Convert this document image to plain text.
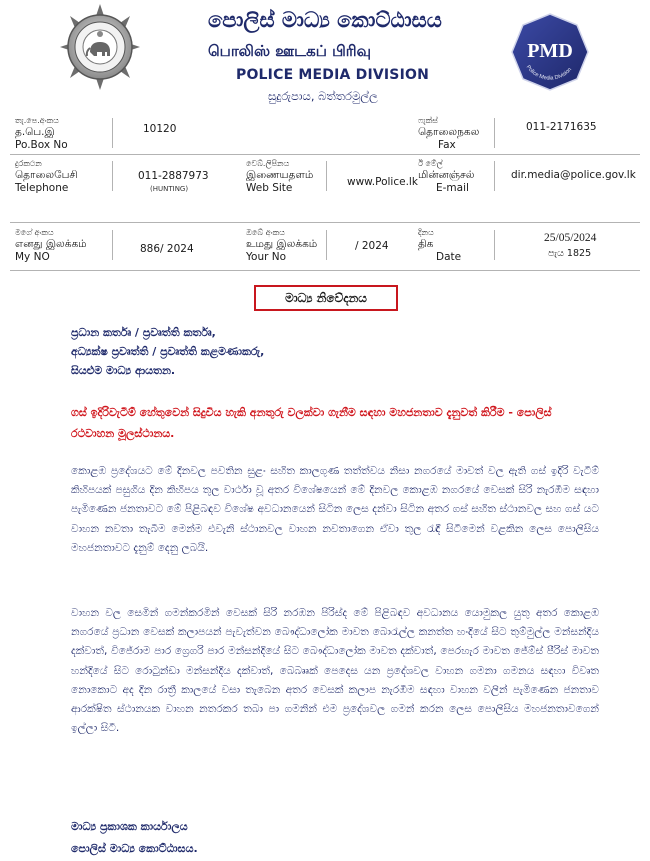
පොලිස් මාධ්‍ය කොට්ඨාසය
பொலிஸ் ஊடகப் பிரிவு
POLICE MEDIA DIVISION
සුදුරුපාය, බත්තරමුල්ල
PMD
Police Media Division
තැ.පෙ.අංකය
த.பெ.இ
Po.Box No
10120
ෆැක්ස්
தொலைநகல
Fax
011-2171635
දුරකථන
தொலைபேசி
Telephone
011-2887973
(HUNTING)
වෙබ්.ලිපිනය
இணையதளம்
Web Site	www.Police.lk
ඊ මේල්
மின்னஞ்சல்
E-mail
dir.media@police.gov.lk
මගේ අංකය
எனது இலக்கம்
My NO
886/ 2024
ඔබේ අංකය
உமது இலக்கம்
Your No
/ 2024
දිනය
திக
Date
25/05/2024
පැය 1825
මාධ්‍ය නිවේදනය
ප්‍රධාන කර්තෘ / ප්‍රවෘත්ති කර්තෘ,
අධ්‍යක්ෂ ප්‍රවෘත්ති / ප්‍රවෘත්ති කළමණාකරු,
සියළුම මාධ්‍ය ආයතන.
ගස් ඉදිරිවැටීම් හේතුවෙන් සිදුවිය හැකි අනතුරු වලක්වා ගැනීම සඳහා මහජනතාව දැනුවත් කිරීම - පොලිස් රථවාහන මූලස්ථානය.
කොළඹ ප්‍රදේශයට මේ දිනවල පවතින සුළං සහිත කාලගුණ තත්ත්වය නිසා නගරයේ මාවත් වල ඇති ගස් ඉදිරි වැටීම් කිහිපයක් පසුගිය දින කිහිපය තුල වාර්ථා වූ අතර විශේෂයෙන් මේ දිනවල කොළඹ නගරයේ වෙසක් සිරි නැරඹීම සඳහා පැමිණෙන ජනතාවට මේ පිළිබඳව විශේෂ අවධානයෙන් සිටින ලෙස දන්වා සිටින අතර ගස් සහිත ස්ථානවල සහ ගස් යට වාහන නවතා තැබීම මෙන්ම එවැනි ස්ථානවල වාහන නවතාගෙන ඒවා තුල රැඳී සිටීමෙන් වළකින ලෙස පොලිසිය මහජනතාවට දැනුම් දෙනු ලබයි.
වාහන වල සෙමින් ගමන්කරමින් වෙසක් සිරි නරඹන පිරිස්ද මේ පිළිබඳව අවධානය යොමුකල යුතු අතර කොළඹ නගරයේ ප්‍රධාන වෙසක් කලාපයන් පැවැත්වන බෞද්ධාලෝක මාවත බොරැල්ල කනත්ත හංදියේ සිට තුම්මුල්ල මන්සන්දිය දක්වාත්, විජේරාම පාර ග්‍රෙගරි පාර මන්සන්දියේ සිට බෞද්ධාලෝක මාවත දක්වාත්, පෙරහැර මාවත ජේම්ස් පීරිස් මාවත හන්දියේ සිට රොටුන්ඩා මන්සන්දිය දක්වාත්, බෙබෲක් පෙදෙස යන ප්‍රදේශවල වාහන ගමනා ගමනය සඳහා විවෘත නොකොට අද දින රාත්‍රී කාලයේ වසා තැබෙන අතර වෙසක් කලාප නැරඹීම සඳහා වාහන වලින් පැමිණෙන ජනතාව ආරක්ෂිත ස්ථානයක වාහන නතරකර තබා පා ගමනින් එම ප්‍රදේශවල ගමන් කරන ලෙස පොලිසිය මහජනතාවගෙන් ඉල්ලා සිටී.
මාධ්‍ය ප්‍රකාශක කාර්යාලය
පොලිස් මාධ්‍ය කොට්ඨාසය.
